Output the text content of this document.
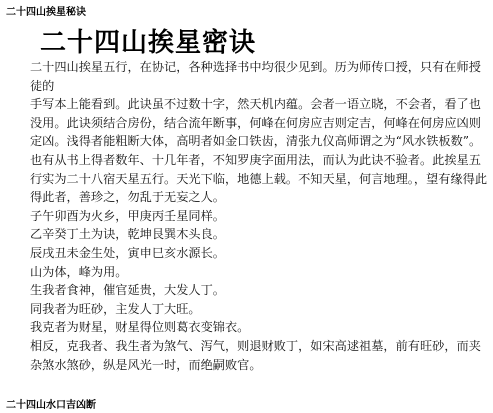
二十四山挨星秘诀
二十四山挨星密诀

二十四山挨星五行，在协记，各种选择书中均很少见到。历为师传口授，只有在师授徒的

手写本上能看到。此诀虽不过数十字，然天机内蕴。会者一语立晓，不会者，看了也没用。此诀须结合房份，结合流年断事，何峰在何房应吉则定吉，何峰在何房应凶则定凶。浅得者能粗断大体，高明者如金口铁齿，清张九仪高师谓之为“风水铁板数”。也有从书上得者数年、十几年者，不知罗庚字面用法，而认为此诀不验者。此挨星五行实为二十八宿天星五行。天光下临，地德上载。不知天星，何言地理。，望有缘得此得此者，善珍之，勿乱于无妄之人。

子午卯酉为火乡，甲庚丙壬星同样。

乙辛癸丁土为诀，乾坤艮巽木头良。

辰戌丑未金生处，寅申巳亥水源长。

山为体，峰为用。

生我者食神，催官延贵，大发人丁。

同我者为旺砂，主发人丁大旺。

我克者为财星，财星得位则葛衣变锦衣。

相反，克我者、我生者为煞气、泻气，则退财败丁，如宋高逑祖墓，前有旺砂，而夹杂煞水煞砂，纵是风光一时，而绝嗣败官。

二十四山水口吉凶断
